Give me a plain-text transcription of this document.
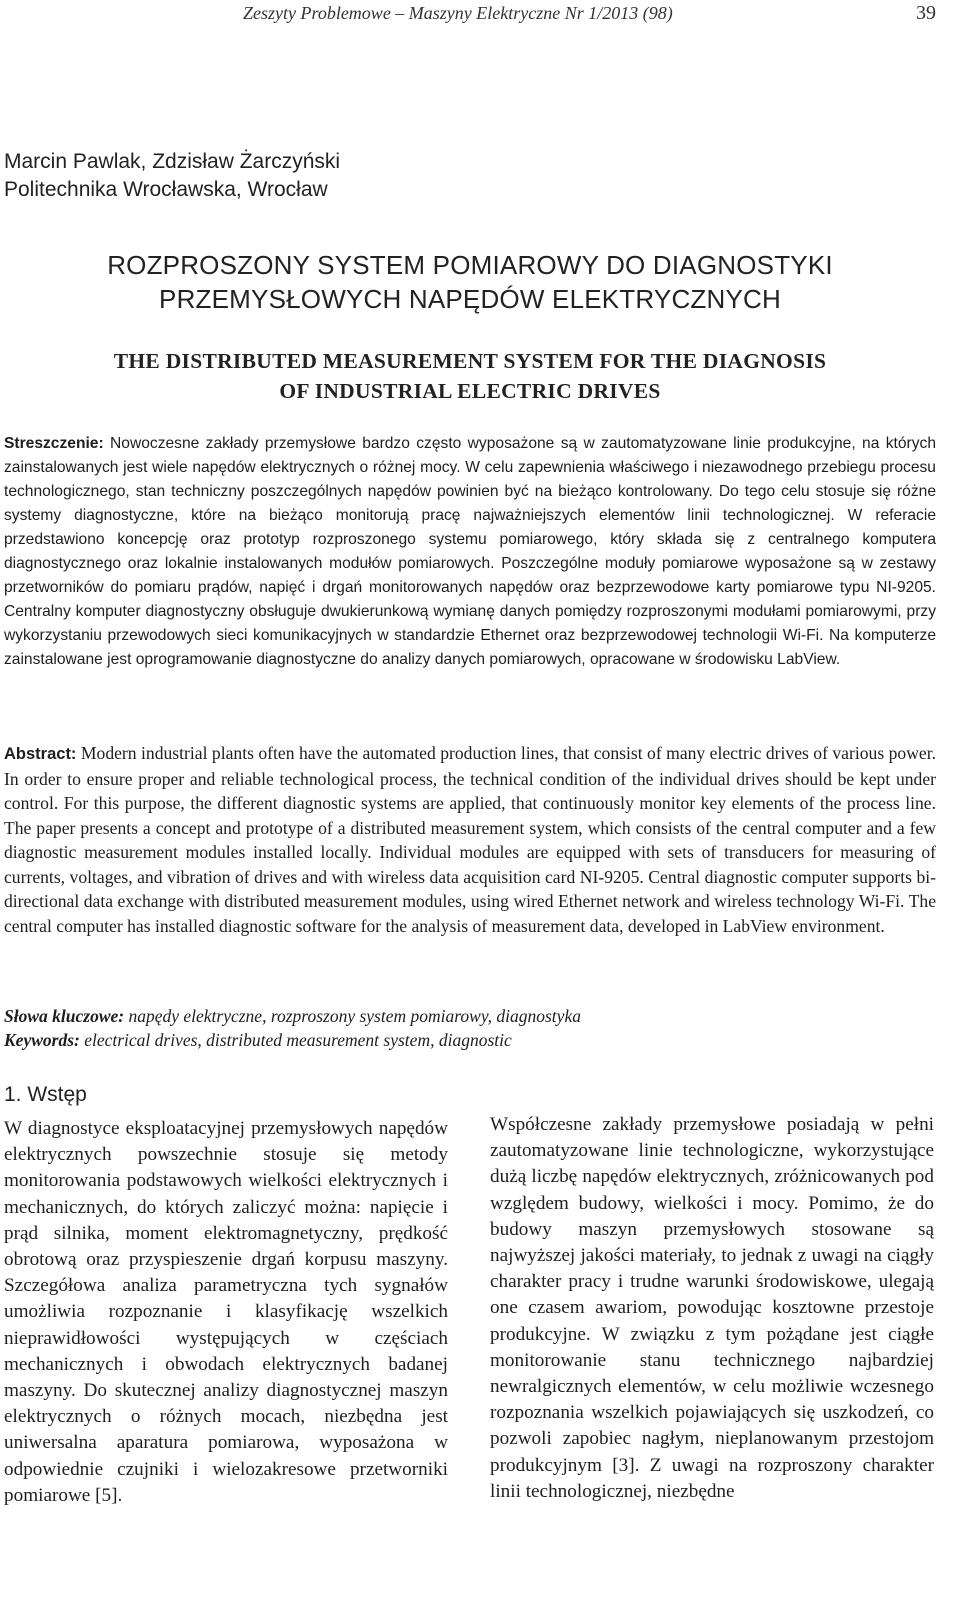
Zeszyty Problemowe – Maszyny Elektryczne Nr 1/2013 (98)	39
Marcin Pawlak, Zdzisław Żarczyński
Politechnika Wrocławska, Wrocław
ROZPROSZONY SYSTEM POMIAROWY DO DIAGNOSTYKI
PRZEMYSŁOWYCH NAPĘDÓW ELEKTRYCZNYCH
THE DISTRIBUTED MEASUREMENT SYSTEM FOR THE DIAGNOSIS
OF INDUSTRIAL ELECTRIC DRIVES
Streszczenie: Nowoczesne zakłady przemysłowe bardzo często wyposażone są w zautomatyzowane linie produkcyjne, na których zainstalowanych jest wiele napędów elektrycznych o różnej mocy. W celu zapewnienia właściwego i niezawodnego przebiegu procesu technologicznego, stan techniczny poszczególnych napędów powinien być na bieżąco kontrolowany. Do tego celu stosuje się różne systemy diagnostyczne, które na bieżąco monitorują pracę najważniejszych elementów linii technologicznej. W referacie przedstawiono koncepcję oraz prototyp rozproszonego systemu pomiarowego, który składa się z centralnego komputera diagnostycznego oraz lokalnie instalowanych modułów pomiarowych. Poszczególne moduły pomiarowe wyposażone są w zestawy przetworników do pomiaru prądów, napięć i drgań monitorowanych napędów oraz bezprzewodowe karty pomiarowe typu NI-9205. Centralny komputer diagnostyczny obsługuje dwukierunkową wymianę danych pomiędzy rozproszonymi modułami pomiarowymi, przy wykorzystaniu przewodowych sieci komunikacyjnych w standardzie Ethernet oraz bezprzewodowej technologii Wi-Fi. Na komputerze zainstalowane jest oprogramowanie diagnostyczne do analizy danych pomiarowych, opracowane w środowisku LabView.
Abstract: Modern industrial plants often have the automated production lines, that consist of many electric drives of various power. In order to ensure proper and reliable technological process, the technical condition of the individual drives should be kept under control. For this purpose, the different diagnostic systems are applied, that continuously monitor key elements of the process line. The paper presents a concept and prototype of a distributed measurement system, which consists of the central computer and a few diagnostic measurement modules installed locally. Individual modules are equipped with sets of transducers for measuring of currents, voltages, and vibration of drives and with wireless data acquisition card NI-9205. Central diagnostic computer supports bi-directional data exchange with distributed measurement modules, using wired Ethernet network and wireless technology Wi-Fi. The central computer has installed diagnostic software for the analysis of measurement data, developed in LabView environment.
Słowa kluczowe: napędy elektryczne, rozproszony system pomiarowy, diagnostyka
Keywords: electrical drives, distributed measurement system, diagnostic
1. Wstęp
W diagnostyce eksploatacyjnej przemysłowych napędów elektrycznych powszechnie stosuje się metody monitorowania podstawowych wielkości elektrycznych i mechanicznych, do których zaliczyć można: napięcie i prąd silnika, moment elektromagnetyczny, prędkość obrotową oraz przyspieszenie drgań korpusu maszyny. Szczegółowa analiza parametryczna tych sygnałów umożliwia rozpoznanie i klasyfikację wszelkich nieprawidłowości występujących w częściach mechanicznych i obwodach elektrycznych badanej maszyny. Do skutecznej analizy diagnostycznej maszyn elektrycznych o różnych mocach, niezbędna jest uniwersalna aparatura pomiarowa, wyposażona w odpowiednie czujniki i wielozakresowe przetworniki pomiarowe [5].
Współczesne zakłady przemysłowe posiadają w pełni zautomatyzowane linie technologiczne, wykorzystujące dużą liczbę napędów elektrycznych, zróżnicowanych pod względem budowy, wielkości i mocy. Pomimo, że do budowy maszyn przemysłowych stosowane są najwyższej jakości materiały, to jednak z uwagi na ciągły charakter pracy i trudne warunki środowiskowe, ulegają one czasem awariom, powodując kosztowne przestoje produkcyjne. W związku z tym pożądane jest ciągłe monitorowanie stanu technicznego najbardziej newralgicznych elementów, w celu możliwie wczesnego rozpoznania wszelkich pojawiających się uszkodzeń, co pozwoli zapobiec nagłym, nieplanowanym przestojom produkcyjnym [3]. Z uwagi na rozproszony charakter linii technologicznej, niezbędne
